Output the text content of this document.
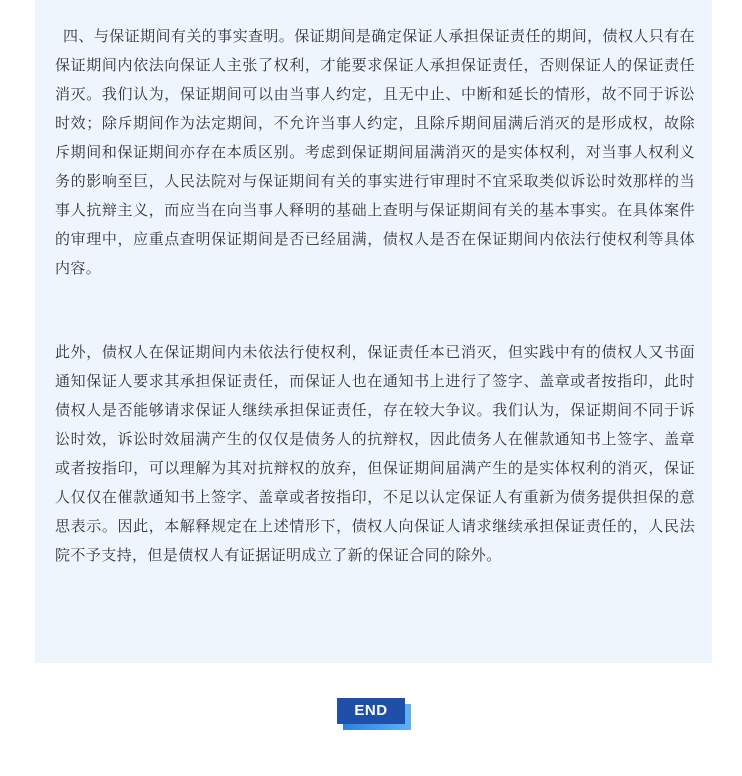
四、与保证期间有关的事实查明。保证期间是确定保证人承担保证责任的期间，债权人只有在保证期间内依法向保证人主张了权利，才能要求保证人承担保证责任，否则保证人的保证责任消灭。我们认为，保证期间可以由当事人约定，且无中止、中断和延长的情形，故不同于诉讼时效；除斥期间作为法定期间，不允许当事人约定，且除斥期间届满后消灭的是形成权，故除斥期间和保证期间亦存在本质区别。考虑到保证期间届满消灭的是实体权利，对当事人权利义务的影响至巨，人民法院对与保证期间有关的事实进行审理时不宜采取类似诉讼时效那样的当事人抗辩主义，而应当在向当事人释明的基础上查明与保证期间有关的基本事实。在具体案件的审理中，应重点查明保证期间是否已经届满，债权人是否在保证期间内依法行使权利等具体内容。

此外，债权人在保证期间内未依法行使权利，保证责任本已消灭，但实践中有的债权人又书面通知保证人要求其承担保证责任，而保证人也在通知书上进行了签字、盖章或者按指印，此时债权人是否能够请求保证人继续承担保证责任，存在较大争议。我们认为，保证期间不同于诉讼时效，诉讼时效届满产生的仅仅是债务人的抗辩权，因此债务人在催款通知书上签字、盖章或者按指印，可以理解为其对抗辩权的放弃，但保证期间届满产生的是实体权利的消灭，保证人仅仅在催款通知书上签字、盖章或者按指印，不足以认定保证人有重新为债务提供担保的意思表示。因此，本解释规定在上述情形下，债权人向保证人请求继续承担保证责任的，人民法院不予支持，但是债权人有证据证明成立了新的保证合同的除外。

END
